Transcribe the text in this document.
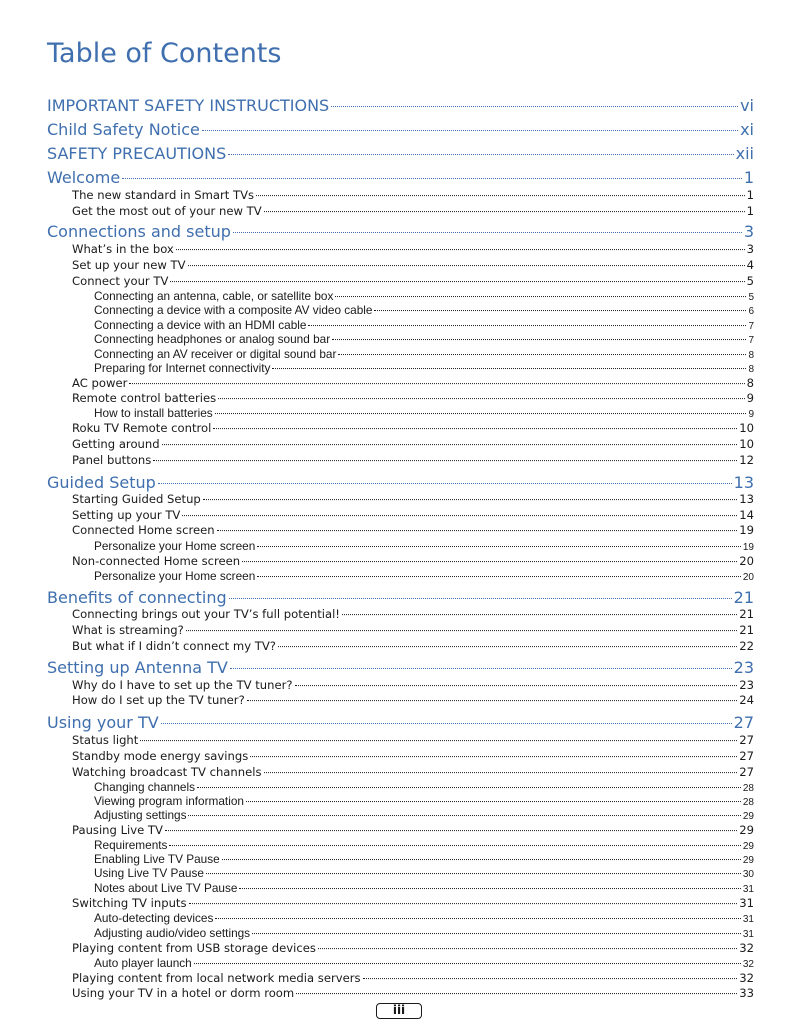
Table of Contents
IMPORTANT SAFETY INSTRUCTIONS	vi
Child Safety Notice	xi
SAFETY PRECAUTIONS	xii
Welcome	1
The new standard in Smart TVs	1
Get the most out of your new TV	1
Connections and setup	3
What’s in the box	3
Set up your new TV	4
Connect your TV	5
Connecting an antenna, cable, or satellite box	5
Connecting a device with a composite AV video cable	6
Connecting a device with an HDMI cable	7
Connecting headphones or analog sound bar	7
Connecting an AV receiver or digital sound bar	8
Preparing for Internet connectivity	8
AC power	8
Remote control batteries	9
How to install batteries	9
Roku TV Remote control	10
Getting around	10
Panel buttons	12
Guided Setup	13
Starting Guided Setup	13
Setting up your TV	14
Connected Home screen	19
Personalize your Home screen	19
Non-connected Home screen	20
Personalize your Home screen	20
Benefits of connecting	21
Connecting brings out your TV’s full potential!	21
What is streaming?	21
But what if I didn’t connect my TV?	22
Setting up Antenna TV	23
Why do I have to set up the TV tuner?	23
How do I set up the TV tuner?	24
Using your TV	27
Status light	27
Standby mode energy savings	27
Watching broadcast TV channels	27
Changing channels	28
Viewing program information	28
Adjusting settings	29
Pausing Live TV	29
Requirements	29
Enabling Live TV Pause	29
Using Live TV Pause	30
Notes about Live TV Pause	31
Switching TV inputs	31
Auto-detecting devices	31
Adjusting audio/video settings	31
Playing content from USB storage devices	32
Auto player launch	32
Playing content from local network media servers	32
Using your TV in a hotel or dorm room	33
iii
